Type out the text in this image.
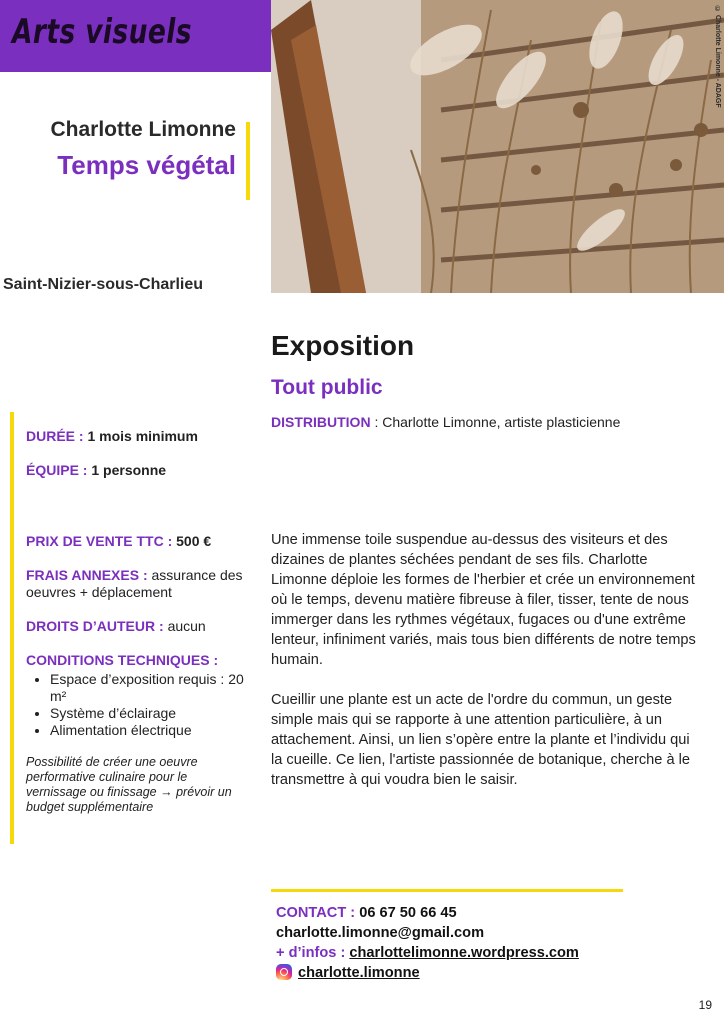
Arts visuels	© Charlotte Limonne - ADAGF
Charlotte Limonne
Temps végétal
Saint-Nizier-sous-Charlieu

DURÉE : 1 mois minimum

ÉQUIPE : 1 personne

PRIX DE VENTE TTC : 500 €

FRAIS ANNEXES : assurance des oeuvres + déplacement

DROITS D’AUTEUR : aucun

CONDITIONS TECHNIQUES :

• Espace d’exposition requis : 20 m²
• Système d’éclairage
• Alimentation électrique

Possibilité de créer une oeuvre performative culinaire pour le vernissage ou finissage → prévoir un budget supplémentaire

Exposition
Tout public
DISTRIBUTION : Charlotte Limonne, artiste plasticienne

Une immense toile suspendue au-dessus des visiteurs et des dizaines de plantes séchées pendant de ses fils. Charlotte Limonne déploie les formes de l'herbier et crée un environnement où le temps, devenu matière fibreuse à filer, tisser, tente de nous immerger dans les rythmes végétaux, fugaces ou d'une extrême lenteur, infiniment variés, mais tous bien différents de notre temps humain.

Cueillir une plante est un acte de l'ordre du commun, un geste simple mais qui se rapporte à une attention particulière, à un attachement. Ainsi, un lien s’opère entre la plante et l’individu qui la cueille. Ce lien, l'artiste passionnée de botanique, cherche à le transmettre à qui voudra bien le saisir.

CONTACT : 06 67 50 66 45
charlotte.limonne@gmail.com
+ d’infos : charlottelimonne.wordpress.com
charlotte.limonne
19
